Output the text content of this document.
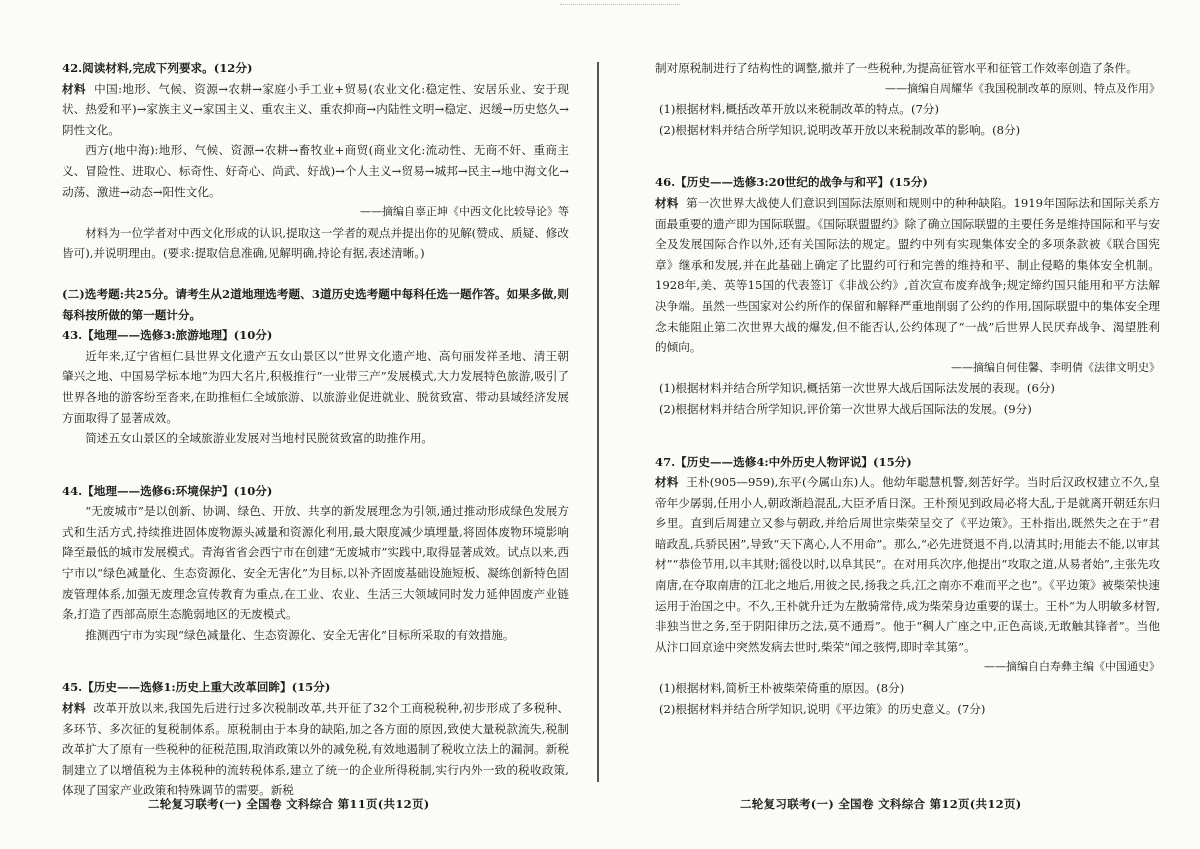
42.阅读材料,完成下列要求。(12分)

材料 中国:地形、气候、资源→农耕→家庭小手工业+贸易(农业文化:稳定性、安居乐业、安于现状、热爱和平)→家族主义→家国主义、重农主义、重农抑商→内陆性文明→稳定、迟缓→历史悠久→阴性文化。

西方(地中海):地形、气候、资源→农耕→畜牧业+商贸(商业文化:流动性、无商不奸、重商主义、冒险性、进取心、标奇性、好奇心、尚武、好战)→个人主义→贸易→城邦→民主→地中海文化→动荡、激进→动态→阳性文化。

——摘编自辜正坤《中西文化比较导论》等

材料为一位学者对中西文化形成的认识,提取这一学者的观点并提出你的见解(赞成、质疑、修改皆可),并说明理由。(要求:提取信息准确,见解明确,持论有据,表述清晰。)

(二)选考题:共25分。请考生从2道地理选考题、3道历史选考题中每科任选一题作答。如果多做,则每科按所做的第一题计分。

43.【地理——选修3:旅游地理】(10分)

近年来,辽宁省桓仁县世界文化遗产五女山景区以“世界文化遗产地、高句丽发祥圣地、清王朝肇兴之地、中国易学标本地”为四大名片,积极推行“一业带三产”发展模式,大力发展特色旅游,吸引了世界各地的游客纷至沓来,在助推桓仁全域旅游、以旅游业促进就业、脱贫致富、带动县域经济发展方面取得了显著成效。

简述五女山景区的全域旅游业发展对当地村民脱贫致富的助推作用。

44.【地理——选修6:环境保护】(10分)

“无废城市”是以创新、协调、绿色、开放、共享的新发展理念为引领,通过推动形成绿色发展方式和生活方式,持续推进固体废物源头减量和资源化利用,最大限度减少填埋量,将固体废物环境影响降至最低的城市发展模式。青海省省会西宁市在创建“无废城市”实践中,取得显著成效。试点以来,西宁市以“绿色减量化、生态资源化、安全无害化”为目标,以补齐固废基础设施短板、凝练创新特色固废管理体系,加强无废理念宣传教育为重点,在工业、农业、生活三大领域同时发力延伸固废产业链条,打造了西部高原生态脆弱地区的无废模式。

推测西宁市为实现“绿色减量化、生态资源化、安全无害化”目标所采取的有效措施。

45.【历史——选修1:历史上重大改革回眸】(15分)

材料 改革开放以来,我国先后进行过多次税制改革,共开征了32个工商税税种,初步形成了多税种、多环节、多次征的复税制体系。原税制由于本身的缺陷,加之各方面的原因,致使大量税款流失,税制改革扩大了原有一些税种的征税范围,取消政策以外的减免税,有效地遏制了税收立法上的漏洞。新税制建立了以增值税为主体税种的流转税体系,建立了统一的企业所得税制,实行内外一致的税收政策,体现了国家产业政策和特殊调节的需要。新税

制对原税制进行了结构性的调整,撤并了一些税种,为提高征管水平和征管工作效率创造了条件。

——摘编自周耀华《我国税制改革的原则、特点及作用》

(1)根据材料,概括改革开放以来税制改革的特点。(7分)

(2)根据材料并结合所学知识,说明改革开放以来税制改革的影响。(8分)

46.【历史——选修3:20世纪的战争与和平】(15分)

材料 第一次世界大战使人们意识到国际法原则和规则中的种种缺陷。1919年国际法和国际关系方面最重要的遗产即为国际联盟。《国际联盟盟约》除了确立国际联盟的主要任务是维持国际和平与安全及发展国际合作以外,还有关国际法的规定。盟约中列有实现集体安全的多项条款被《联合国宪章》继承和发展,并在此基础上确定了比盟约可行和完善的维持和平、制止侵略的集体安全机制。1928年,美、英等15国的代表签订《非战公约》,首次宣布废弃战争;规定缔约国只能用和平方法解决争端。虽然一些国家对公约所作的保留和解释严重地削弱了公约的作用,国际联盟中的集体安全理念未能阻止第二次世界大战的爆发,但不能否认,公约体现了“一战”后世界人民厌弃战争、渴望胜利的倾向。

——摘编自何佳馨、李明倩《法律文明史》

(1)根据材料并结合所学知识,概括第一次世界大战后国际法发展的表现。(6分)

(2)根据材料并结合所学知识,评价第一次世界大战后国际法的发展。(9分)

47.【历史——选修4:中外历史人物评说】(15分)

材料 王朴(905—959),东平(今属山东)人。他幼年聪慧机警,刻苦好学。当时后汉政权建立不久,皇帝年少孱弱,任用小人,朝政渐趋混乱,大臣矛盾日深。王朴预见到政局必将大乱,于是就离开朝廷东归乡里。直到后周建立又参与朝政,并给后周世宗柴荣呈交了《平边策》。王朴指出,既然失之在于“君暗政乱,兵骄民困”,导致“天下离心,人不用命”。那么,“必先进贤退不肖,以清其时;用能去不能,以审其材”“恭俭节用,以丰其财;徭役以时,以阜其民”。在对用兵次序,他提出“攻取之道,从易者始”,主张先攻南唐,在夺取南唐的江北之地后,用彼之民,扬我之兵,江之南亦不难而平之也”。《平边策》被柴荣快速运用于治国之中。不久,王朴就升迁为左散骑常侍,成为柴荣身边重要的谋士。王朴“为人明敏多材智,非独当世之务,至于阴阳律历之法,莫不通焉”。他于“稠人广座之中,正色高谈,无敢触其锋者”。当他从汴口回京途中突然发病去世时,柴荣“闻之骇愕,即时幸其第”。

——摘编自白寿彝主编《中国通史》

(1)根据材料,简析王朴被柴荣倚重的原因。(8分)

(2)根据材料并结合所学知识,说明《平边策》的历史意义。(7分)

二轮复习联考(一) 全国卷 文科综合 第11页(共12页)	二轮复习联考(一) 全国卷 文科综合 第12页(共12页)
